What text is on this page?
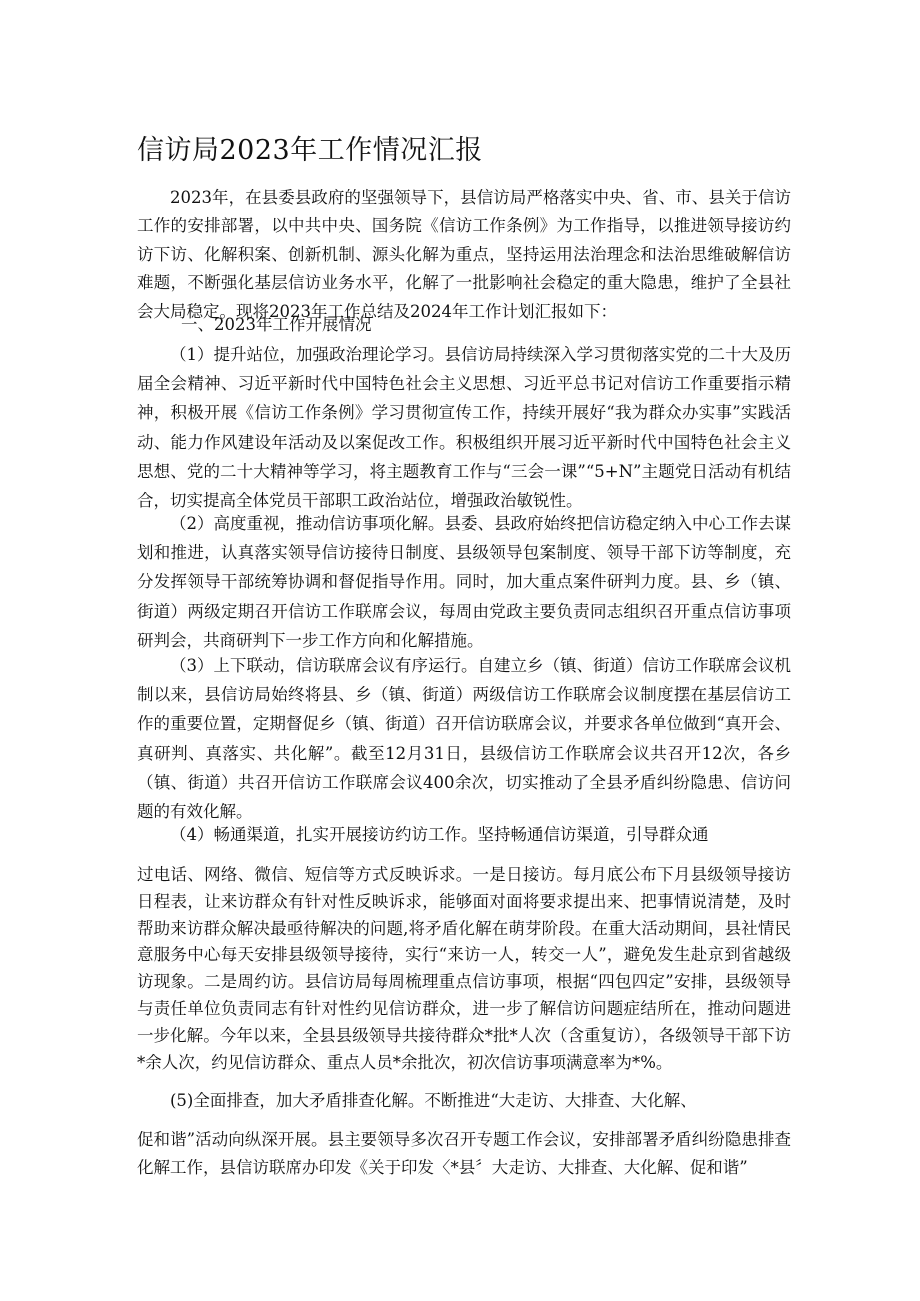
信访局2023年工作情况汇报

2023年，在县委县政府的坚强领导下，县信访局严格落实中央、省、市、县关于信访工作的安排部署，以中共中央、国务院《信访工作条例》为工作指导，以推进领导接访约访下访、化解积案、创新机制、源头化解为重点，坚持运用法治理念和法治思维破解信访难题，不断强化基层信访业务水平，化解了一批影响社会稳定的重大隐患，维护了全县社会大局稳定。现将2023年工作总结及2024年工作计划汇报如下：

一、2023年工作开展情况

（1）提升站位，加强政治理论学习。县信访局持续深入学习贯彻落实党的二十大及历届全会精神、习近平新时代中国特色社会主义思想、习近平总书记对信访工作重要指示精神，积极开展《信访工作条例》学习贯彻宣传工作，持续开展好“我为群众办实事”实践活动、能力作风建设年活动及以案促改工作。积极组织开展习近平新时代中国特色社会主义思想、党的二十大精神等学习，将主题教育工作与“三会一课”“5+N”主题党日活动有机结合，切实提高全体党员干部职工政治站位，增强政治敏锐性。

（2）高度重视，推动信访事项化解。县委、县政府始终把信访稳定纳入中心工作去谋划和推进，认真落实领导信访接待日制度、县级领导包案制度、领导干部下访等制度，充分发挥领导干部统筹协调和督促指导作用。同时，加大重点案件研判力度。县、乡（镇、街道）两级定期召开信访工作联席会议，每周由党政主要负责同志组织召开重点信访事项研判会，共商研判下一步工作方向和化解措施。

（3）上下联动，信访联席会议有序运行。自建立乡（镇、街道）信访工作联席会议机制以来，县信访局始终将县、乡（镇、街道）两级信访工作联席会议制度摆在基层信访工作的重要位置，定期督促乡（镇、街道）召开信访联席会议，并要求各单位做到“真开会、真研判、真落实、共化解”。截至12月31日，县级信访工作联席会议共召开12次，各乡（镇、街道）共召开信访工作联席会议400余次，切实推动了全县矛盾纠纷隐患、信访问题的有效化解。

（4）畅通渠道，扎实开展接访约访工作。坚持畅通信访渠道，引导群众通

过电话、网络、微信、短信等方式反映诉求。一是日接访。每月底公布下月县级领导接访日程表，让来访群众有针对性反映诉求，能够面对面将要求提出来、把事情说清楚，及时帮助来访群众解决最亟待解决的问题,将矛盾化解在萌芽阶段。在重大活动期间，县社情民意服务中心每天安排县级领导接待，实行“来访一人，转交一人”，避免发生赴京到省越级访现象。二是周约访。县信访局每周梳理重点信访事项，根据“四包四定”安排，县级领导与责任单位负责同志有针对性约见信访群众，进一步了解信访问题症结所在，推动问题进一步化解。今年以来，全县县级领导共接待群众*批*人次（含重复访），各级领导干部下访*余人次，约见信访群众、重点人员*余批次，初次信访事项满意率为*%。

(5)全面排查，加大矛盾排查化解。不断推进“大走访、大排查、大化解、

促和谐”活动向纵深开展。县主要领导多次召开专题工作会议，安排部署矛盾纠纷隐患排查化解工作，县信访联席办印发《关于印发〈*县〞大走访、大排查、大化解、促和谐”
